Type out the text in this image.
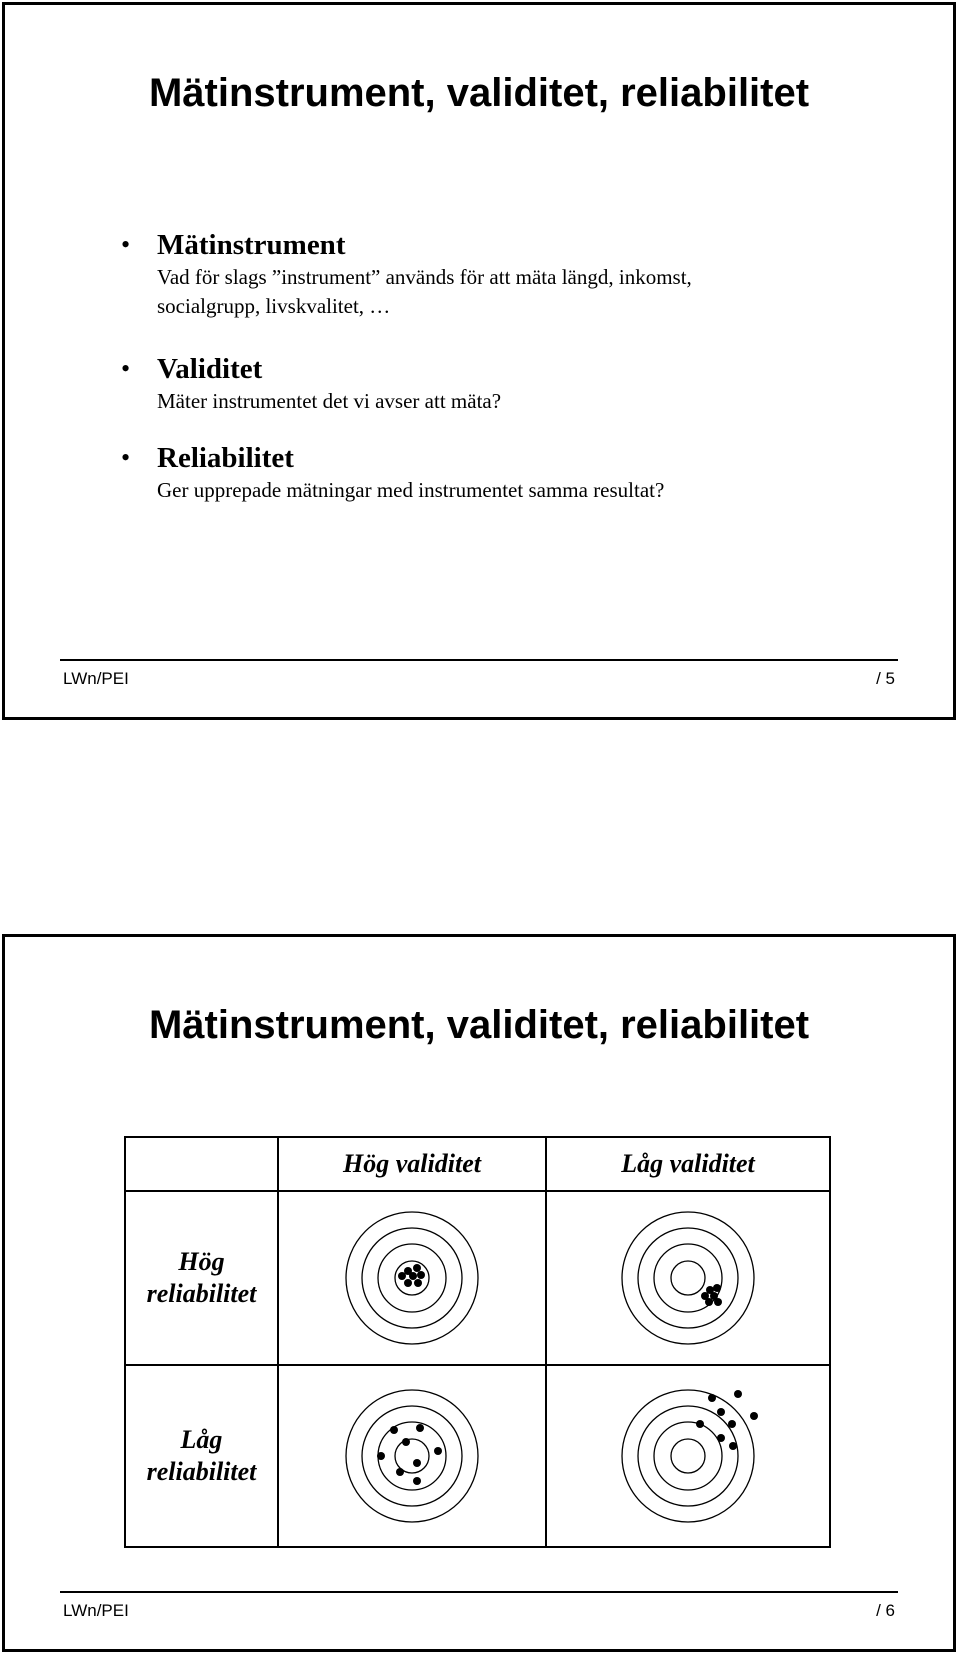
Mätinstrument, validitet, reliabilitet
• Mätinstrument
Vad för slags ”instrument” används för att mäta längd, inkomst, socialgrupp, livskvalitet, …
• Validitet
Mäter instrumentet det vi avser att mäta?
• Reliabilitet
Ger upprepade mätningar med instrumentet samma resultat?
LWn/PEI	/ 5
Mätinstrument, validitet, reliabilitet
	Hög validitet	Låg validitet
Hög reliabilitet	

Låg reliabilitet	

LWn/PEI	/ 6
